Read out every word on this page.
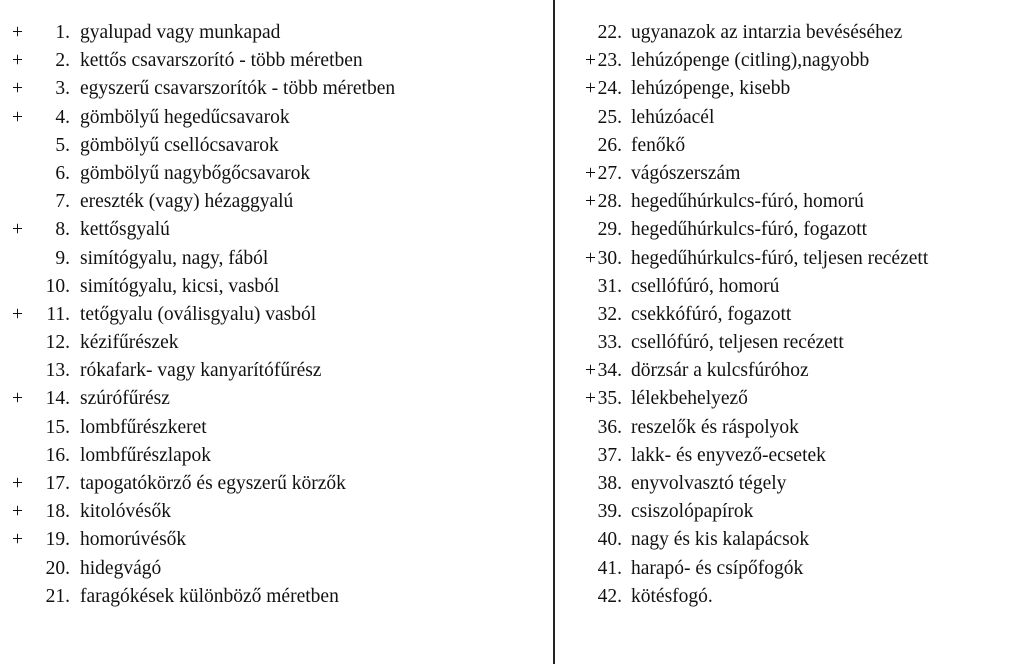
+	1. gyalupad vagy munkapad
+	2. kettős csavarszorító - több méretben
+	3. egyszerű csavarszorítók - több méretben
+	4. gömbölyű hegedűcsavarok
5. gömbölyű csellócsavarok
6. gömbölyű nagybőgőcsavarok
7. ereszték (vagy) hézaggyalú
+	8. kettősgyalú
9. simítógyalu, nagy, fából
10. simítógyalu, kicsi, vasból
+	11. tetőgyalu (oválisgyalu) vasból
12. kézifűrészek
13. rókafark- vagy kanyarítófűrész
+	14. szúrófűrész
15. lombfűrészkeret
16. lombfűrészlapok
+	17. tapogatókörző és egyszerű körzők
+	18. kitolóvésők
+	19. homorúvésők
20. hidegvágó
21. faragókések különböző méretben
22. ugyanazok az intarzia bevéséséhez
+ 23. lehúzópenge (citling),nagyobb
+ 24. lehúzópenge, kisebb
25. lehúzóacél
26. fenőkő
+ 27. vágószerszám
+ 28. hegedűhúrkulcs-fúró, homorú
29. hegedűhúrkulcs-fúró, fogazott
+ 30. hegedűhúrkulcs-fúró, teljesen recézett
31. csellófúró, homorú
32. csekkófúró, fogazott
33. csellófúró, teljesen recézett
+ 34. dörzsár a kulcsfúróhoz
+ 35. lélekbehelyező
36. reszelők és ráspolyok
37. lakk- és enyvező-ecsetek
38. enyvolvasztó tégely
39. csiszolópapírok
40. nagy és kis kalapácsok
41. harapó- és csípőfogók
42. kötésfogó.
